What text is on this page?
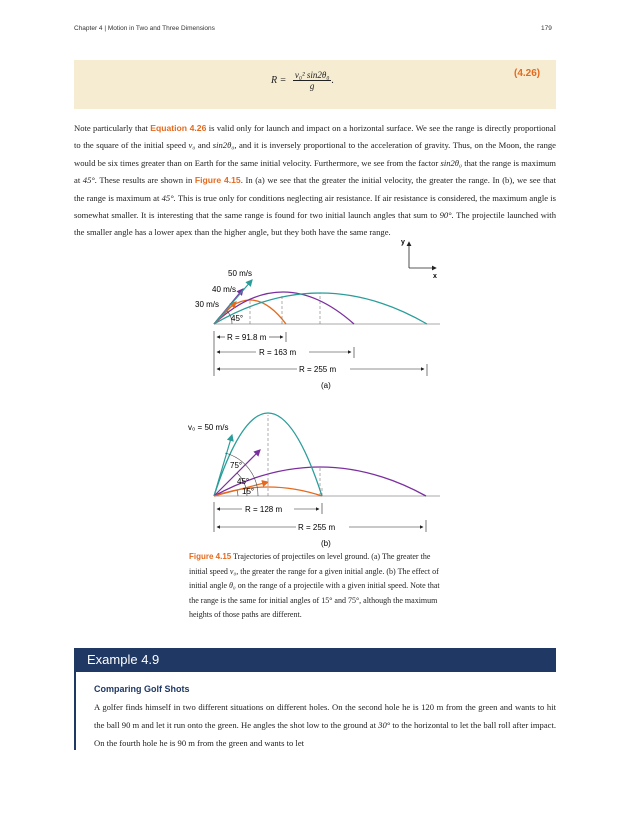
Chapter 4 | Motion in Two and Three Dimensions	179
$R = \frac{\text{v₀² sin2θ₀}}{g}$ .
(4.26)
Note particularly that Equation 4.26 is valid only for launch and impact on a horizontal surface. We see the range is directly proportional to the square of the initial speed v₀ and sin2θ₀, and it is inversely proportional to the acceleration of gravity. Thus, on the Moon, the range would be six times greater than on Earth for the same initial velocity. Furthermore, we see from the factor sin2θ₀ that the range is maximum at 45°. These results are shown in Figure 4.15. In (a) we see that the greater the initial velocity, the greater the range. In (b), we see that the range is maximum at 45°. This is true only for conditions neglecting air resistance. If air resistance is considered, the maximum angle is somewhat smaller. It is interesting that the same range is found for two initial launch angles that sum to 90°. The projectile launched with the smaller angle has a lower apex than the higher angle, but they both have the same range.
y
x
50 m/s
40 m/s
30 m/s
45°
R = 91.8 m
R = 163 m
R = 255 m
(a)
v₀ = 50 m/s
75°
45°
15°
R = 128 m
R = 255 m
(b)
Figure 4.15 Trajectories of projectiles on level ground. (a) The greater the initial speed v₀, the greater the range for a given initial angle. (b) The effect of initial angle θ₀ on the range of a projectile with a given initial speed. Note that the range is the same for initial angles of 15° and 75°, although the maximum heights of those paths are different.
Example 4.9
Comparing Golf Shots
A golfer finds himself in two different situations on different holes. On the second hole he is 120 m from the green and wants to hit the ball 90 m and let it run onto the green. He angles the shot low to the ground at 30° to the horizontal to let the ball roll after impact. On the fourth hole he is 90 m from the green and wants to let
